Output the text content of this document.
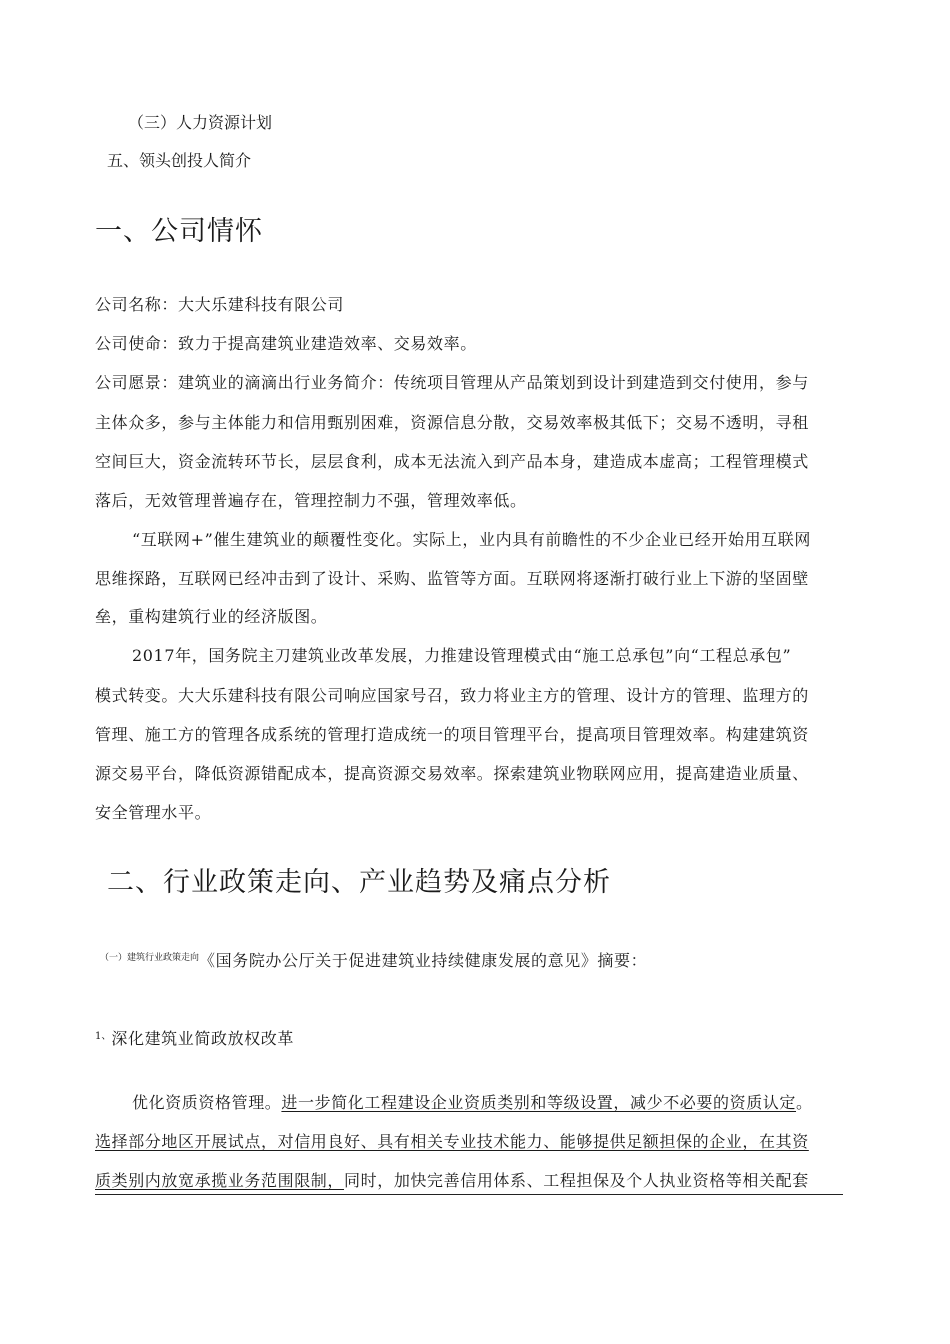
（三）人力资源计划
五、领头创投人简介
一、公司情怀
公司名称：大大乐建科技有限公司
公司使命：致力于提高建筑业建造效率、交易效率。
公司愿景：建筑业的滴滴出行业务简介：传统项目管理从产品策划到设计到建造到交付使用，参与
主体众多，参与主体能力和信用甄别困难，资源信息分散，交易效率极其低下；交易不透明，寻租
空间巨大，资金流转环节长，层层食利，成本无法流入到产品本身，建造成本虚高；工程管理模式
落后，无效管理普遍存在，管理控制力不强，管理效率低。
“互联网+”催生建筑业的颠覆性变化。实际上，业内具有前瞻性的不少企业已经开始用互联网
思维探路，互联网已经冲击到了设计、采购、监管等方面。互联网将逐渐打破行业上下游的坚固壁
垒，重构建筑行业的经济版图。
2017年，国务院主刀建筑业改革发展，力推建设管理模式由“施工总承包”向“工程总承包”
模式转变。大大乐建科技有限公司响应国家号召，致力将业主方的管理、设计方的管理、监理方的
管理、施工方的管理各成系统的管理打造成统一的项目管理平台，提高项目管理效率。构建建筑资
源交易平台，降低资源错配成本，提高资源交易效率。探索建筑业物联网应用，提高建造业质量、
安全管理水平。
二、行业政策走向、产业趋势及痛点分析
$^{(一)建筑行业政策走向}$《国务院办公厅关于促进建筑业持续健康发展的意见》摘要：
$^{1、}$深化建筑业简政放权改革
优化资质资格管理。进一步简化工程建设企业资质类别和等级设置，减少不必要的资质认定。
选择部分地区开展试点，对信用良好、具有相关专业技术能力、能够提供足额担保的企业，在其资
质类别内放宽承揽业务范围限制，同时，加快完善信用体系、工程担保及个人执业资格等相关配套
